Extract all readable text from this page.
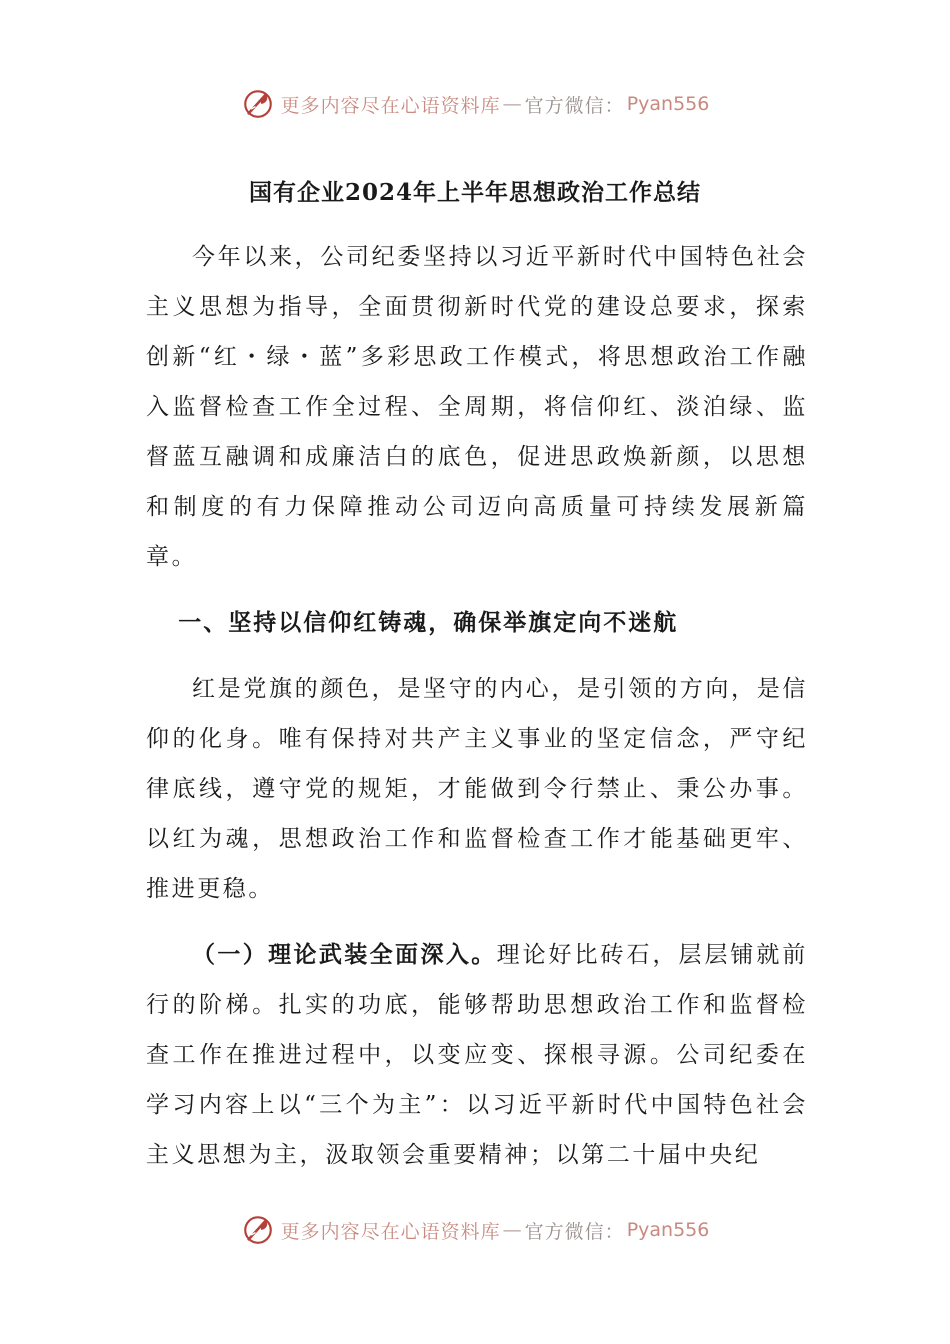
更多内容尽在心语资料库 — 官方微信： Pyan556
国有企业2024年上半年思想政治工作总结

今年以来，公司纪委坚持以习近平新时代中国特色社会主义思想为指导，全面贯彻新时代党的建设总要求，探索创新“红・绿・蓝”多彩思政工作模式，将思想政治工作融入监督检查工作全过程、全周期，将信仰红、淡泊绿、监督蓝互融调和成廉洁白的底色，促进思政焕新颜，以思想和制度的有力保障推动公司迈向高质量可持续发展新篇章。

一、坚持以信仰红铸魂，确保举旗定向不迷航

红是党旗的颜色，是坚守的内心，是引领的方向，是信仰的化身。唯有保持对共产主义事业的坚定信念，严守纪律底线，遵守党的规矩，才能做到令行禁止、秉公办事。以红为魂，思想政治工作和监督检查工作才能基础更牢、推进更稳。

（一）理论武装全面深入。理论好比砖石，层层铺就前行的阶梯。扎实的功底，能够帮助思想政治工作和监督检查工作在推进过程中，以变应变、探根寻源。公司纪委在学习内容上以“三个为主”：以习近平新时代中国特色社会主义思想为主，汲取领会重要精神；以第二十届中央纪

更多内容尽在心语资料库 — 官方微信： Pyan556
